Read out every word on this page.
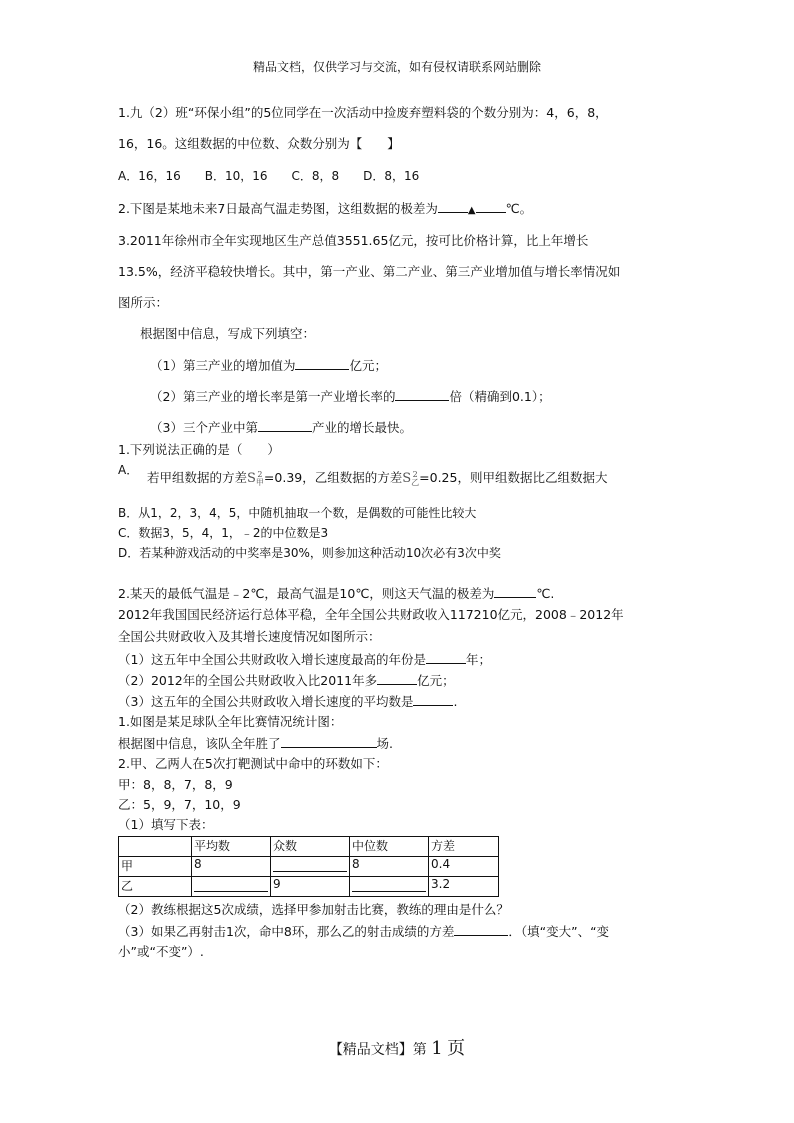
精品文档，仅供学习与交流，如有侵权请联系网站删除
1.九（2）班“环保小组”的5位同学在一次活动中捡废弃塑料袋的个数分别为：4，6，8，
16，16。这组数据的中位数、众数分别为【　　】
A．16，16　　B．10，16　　C．8，8　　D．8，16
2.下图是某地未来7日最高气温走势图，这组数据的极差为	▲ ℃。
3.2011年徐州市全年实现地区生产总值3551.65亿元，按可比价格计算，比上年增长
13.5%，经济平稳较快增长。其中，第一产业、第二产业、第三产业增加值与增长率情况如
图所示：
根据图中信息，写成下列填空：
（1）第三产业的增加值为	亿元；
（2）第三产业的增长率是第一产业增长率的	倍（精确到0.1）；
（3）三个产业中第	产业的增长最快。
1.下列说法正确的是（　　）
A． 若甲组数据的方差S2
甲=0.39，乙组数据的方差S2
乙=0.25，则甲组数据比乙组数据大
B．从1，2，3，4，5，中随机抽取一个数，是偶数的可能性比较大
C．数据3，5，4，1，﹣2的中位数是3
D．若某种游戏活动的中奖率是30%，则参加这种活动10次必有3次中奖
2.某天的最低气温是﹣2℃，最高气温是10℃，则这天气温的极差为	℃.
2012年我国国民经济运行总体平稳，全年全国公共财政收入117210亿元，2008﹣2012年
全国公共财政收入及其增长速度情况如图所示：
（1）这五年中全国公共财政收入增长速度最高的年份是	年；
（2）2012年的全国公共财政收入比2011年多	亿元；
（3）这五年的全国公共财政收入增长速度的平均数是	.
1.如图是某足球队全年比赛情况统计图：
根据图中信息，该队全年胜了	场.
2.甲、乙两人在5次打靶测试中命中的环数如下：
甲：8，8，7，8，9
乙：5，9，7，10，9
（1）填写下表：
	平均数	众数	中位数	方差
甲	8		8	0.4
乙		9		3.2
（2）教练根据这5次成绩，选择甲参加射击比赛，教练的理由是什么？
（3）如果乙再射击1次，命中8环，那么乙的射击成绩的方差	．（填“变大”、“变
小”或“不变”）.
【精品文档】第 1 页
